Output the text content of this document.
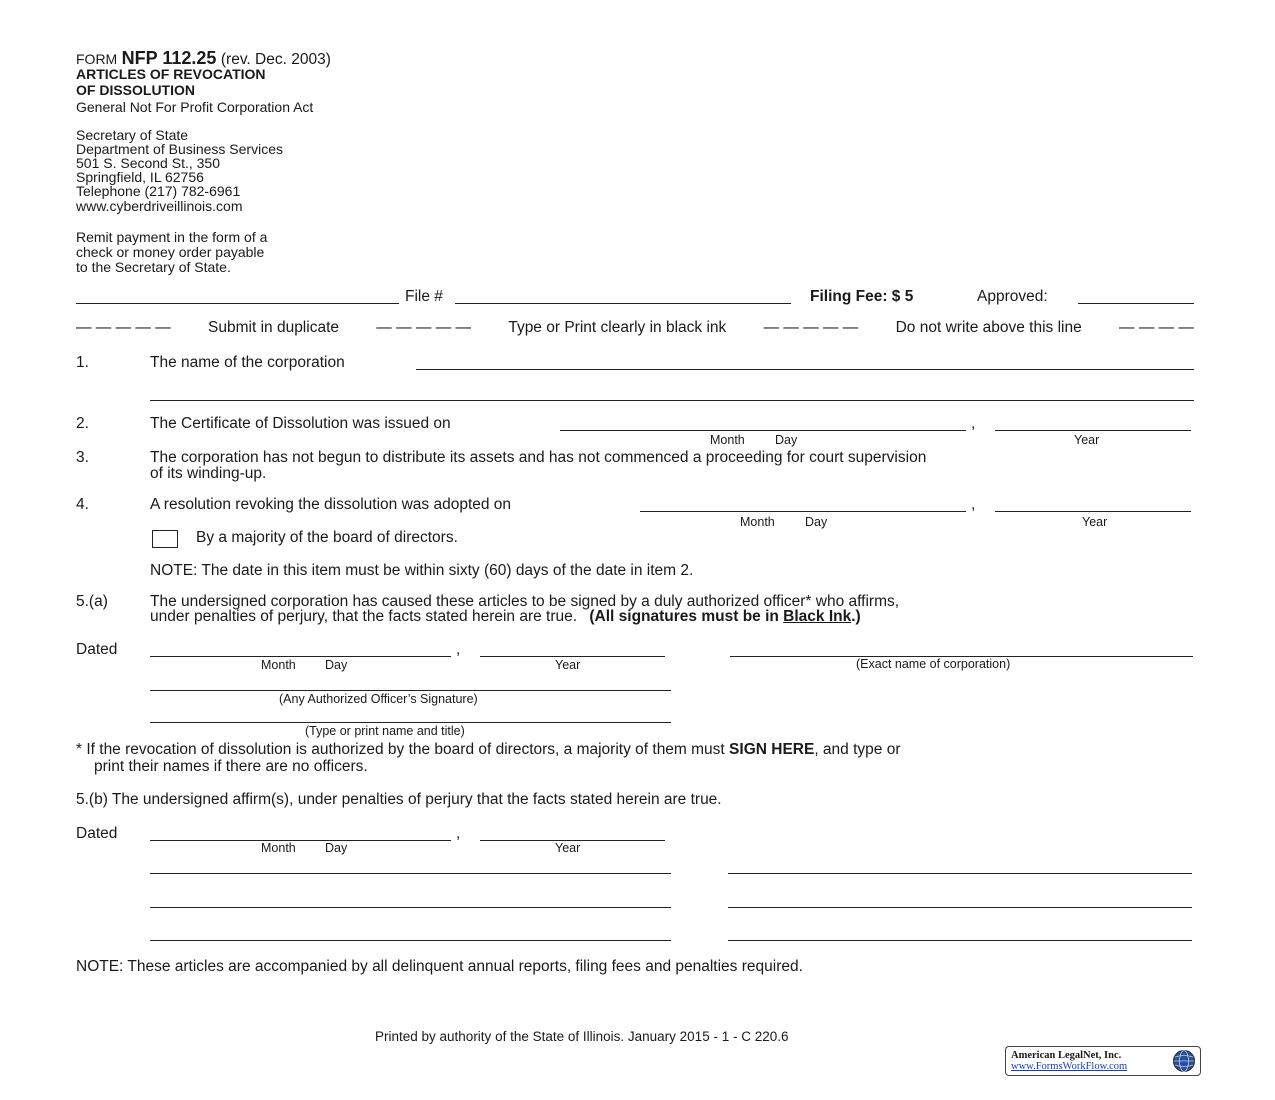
FORM NFP 112.25 (rev. Dec. 2003)
ARTICLES OF REVOCATION
OF DISSOLUTION
General Not For Profit Corporation Act
Secretary of State
Department of Business Services
501 S. Second St., 350
Springfield, IL 62756
Telephone (217) 782-6961
www.cyberdriveillinois.com
Remit payment in the form of a
check or money order payable
to the Secretary of State.
File #	Filing Fee: $ 5	Approved:
— — — — — Submit in duplicate — — — — — Type or Print clearly in black ink — — — — — Do not write above this line — — — —
1.	The name of the corporation
2.	The Certificate of Dissolution was issued on	,
Month Day	Year
3.	The corporation has not begun to distribute its assets and has not commenced a proceeding for court supervision
of its winding-up.
4.	A resolution revoking the dissolution was adopted on	,
Month Day	Year
By a majority of the board of directors.
NOTE: The date in this item must be within sixty (60) days of the date in item 2.
5.(a)	The undersigned corporation has caused these articles to be signed by a duly authorized officer* who affirms,
under penalties of perjury, that the facts stated herein are true. (All signatures must be in Black Ink.)
Dated	,
Month Day	Year	(Exact name of corporation)
(Any Authorized Officer’s Signature)
(Type or print name and title)
* If the revocation of dissolution is authorized by the board of directors, a majority of them must SIGN HERE, and type or
print their names if there are no officers.
5.(b) The undersigned affirm(s), under penalties of perjury that the facts stated herein are true.
Dated	,
Month Day	Year
NOTE: These articles are accompanied by all delinquent annual reports, filing fees and penalties required.
Printed by authority of the State of Illinois. January 2015 - 1 - C 220.6
American LegalNet, Inc.
www.FormsWorkFlow.com
